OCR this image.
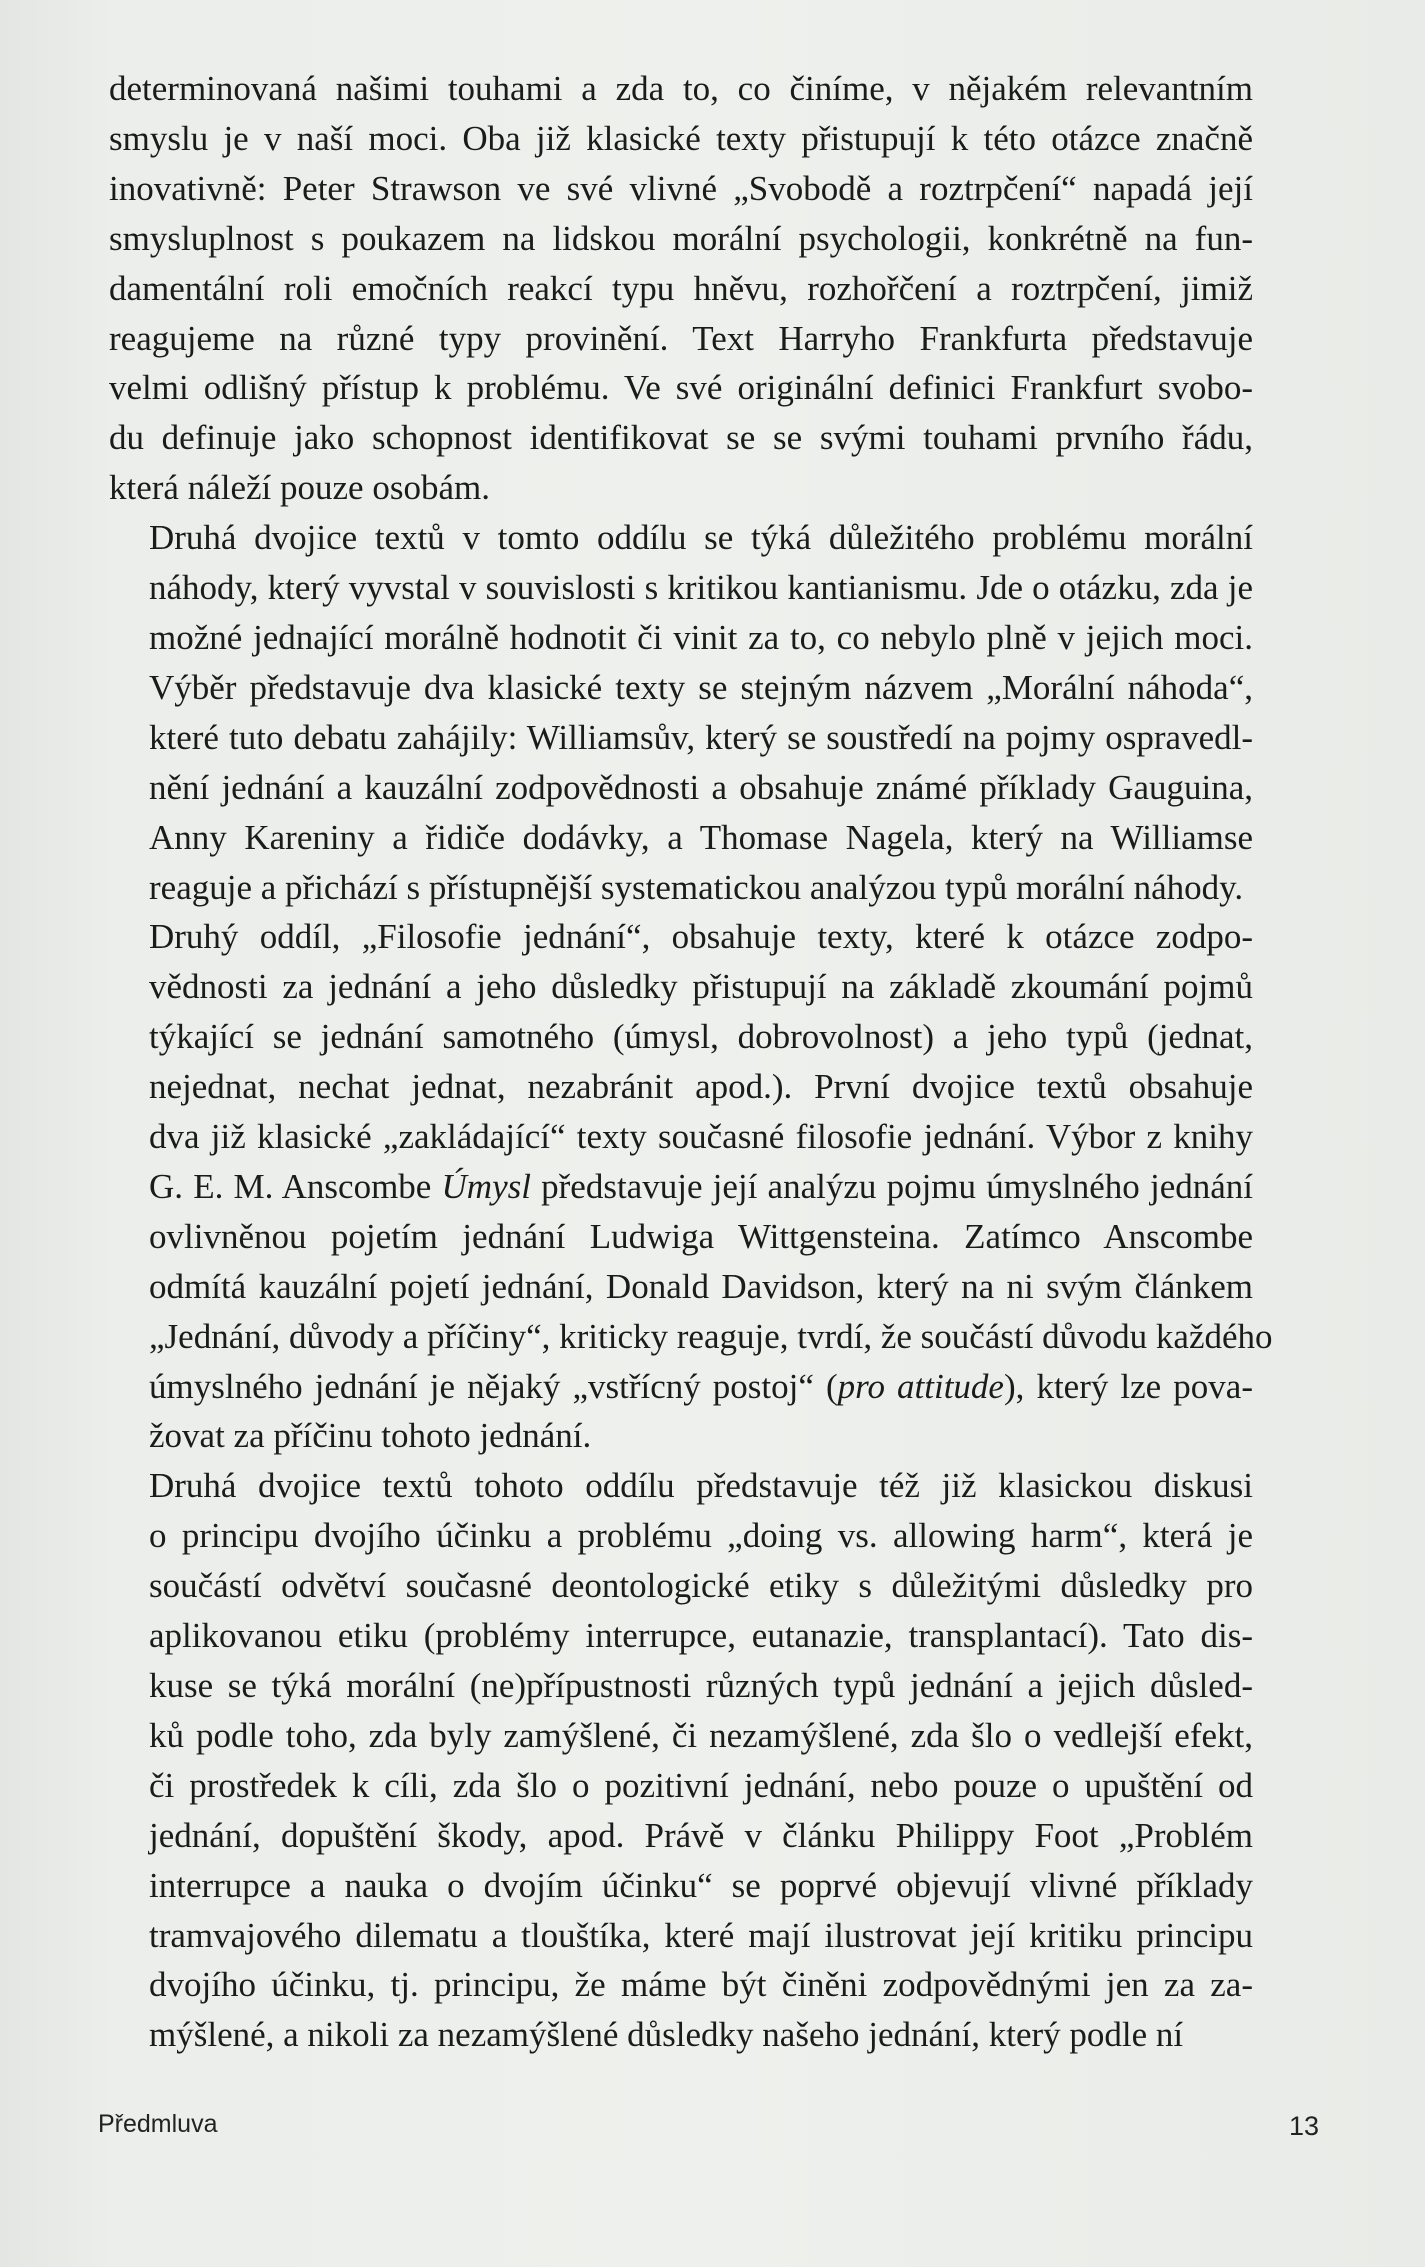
determinovaná našimi touhami a zda to, co činíme, v nějakém relevantním
smyslu je v naší moci. Oba již klasické texty přistupují k této otázce značně
inovativně: Peter Strawson ve své vlivné „Svobodě a roztrpčení“ napadá její
smysluplnost s poukazem na lidskou morální psychologii, konkrétně na fun-
damentální roli emočních reakcí typu hněvu, rozhořčení a roztrpčení, jimiž
reagujeme na různé typy provinění. Text Harryho Frankfurta představuje
velmi odlišný přístup k problému. Ve své originální definici Frankfurt svobo-
du definuje jako schopnost identifikovat se se svými touhami prvního řádu,
která náleží pouze osobám.

Druhá dvojice textů v tomto oddílu se týká důležitého problému morální
náhody, který vyvstal v souvislosti s kritikou kantianismu. Jde o otázku, zda je
možné jednající morálně hodnotit či vinit za to, co nebylo plně v jejich moci.
Výběr představuje dva klasické texty se stejným názvem „Morální náhoda“,
které tuto debatu zahájily: Williamsův, který se soustředí na pojmy ospravedl-
nění jednání a kauzální zodpovědnosti a obsahuje známé příklady Gauguina,
Anny Kareniny a řidiče dodávky, a Thomase Nagela, který na Williamse
reaguje a přichází s přístupnější systematickou analýzou typů morální náhody.

Druhý oddíl, „Filosofie jednání“, obsahuje texty, které k otázce zodpo-
vědnosti za jednání a jeho důsledky přistupují na základě zkoumání pojmů
týkající se jednání samotného (úmysl, dobrovolnost) a jeho typů (jednat,
nejednat, nechat jednat, nezabránit apod.). První dvojice textů obsahuje
dva již klasické „zakládající“ texty současné filosofie jednání. Výbor z knihy
G. E. M. Anscombe Úmysl představuje její analýzu pojmu úmyslného jednání
ovlivněnou pojetím jednání Ludwiga Wittgensteina. Zatímco Anscombe
odmítá kauzální pojetí jednání, Donald Davidson, který na ni svým článkem
„Jednání, důvody a příčiny“, kriticky reaguje, tvrdí, že součástí důvodu každého
úmyslného jednání je nějaký „vstřícný postoj“ (pro attitude), který lze pova-
žovat za příčinu tohoto jednání.

Druhá dvojice textů tohoto oddílu představuje též již klasickou diskusi
o principu dvojího účinku a problému „doing vs. allowing harm“, která je
součástí odvětví současné deontologické etiky s důležitými důsledky pro
aplikovanou etiku (problémy interrupce, eutanazie, transplantací). Tato dis-
kuse se týká morální (ne)přípustnosti různých typů jednání a jejich důsled-
ků podle toho, zda byly zamýšlené, či nezamýšlené, zda šlo o vedlejší efekt,
či prostředek k cíli, zda šlo o pozitivní jednání, nebo pouze o upuštění od
jednání, dopuštění škody, apod. Právě v článku Philippy Foot „Problém
interrupce a nauka o dvojím účinku“ se poprvé objevují vlivné příklady
tramvajového dilematu a tlouštíka, které mají ilustrovat její kritiku principu
dvojího účinku, tj. principu, že máme být činěni zodpovědnými jen za za-
mýšlené, a nikoli za nezamýšlené důsledky našeho jednání, který podle ní

Předmluva	13
